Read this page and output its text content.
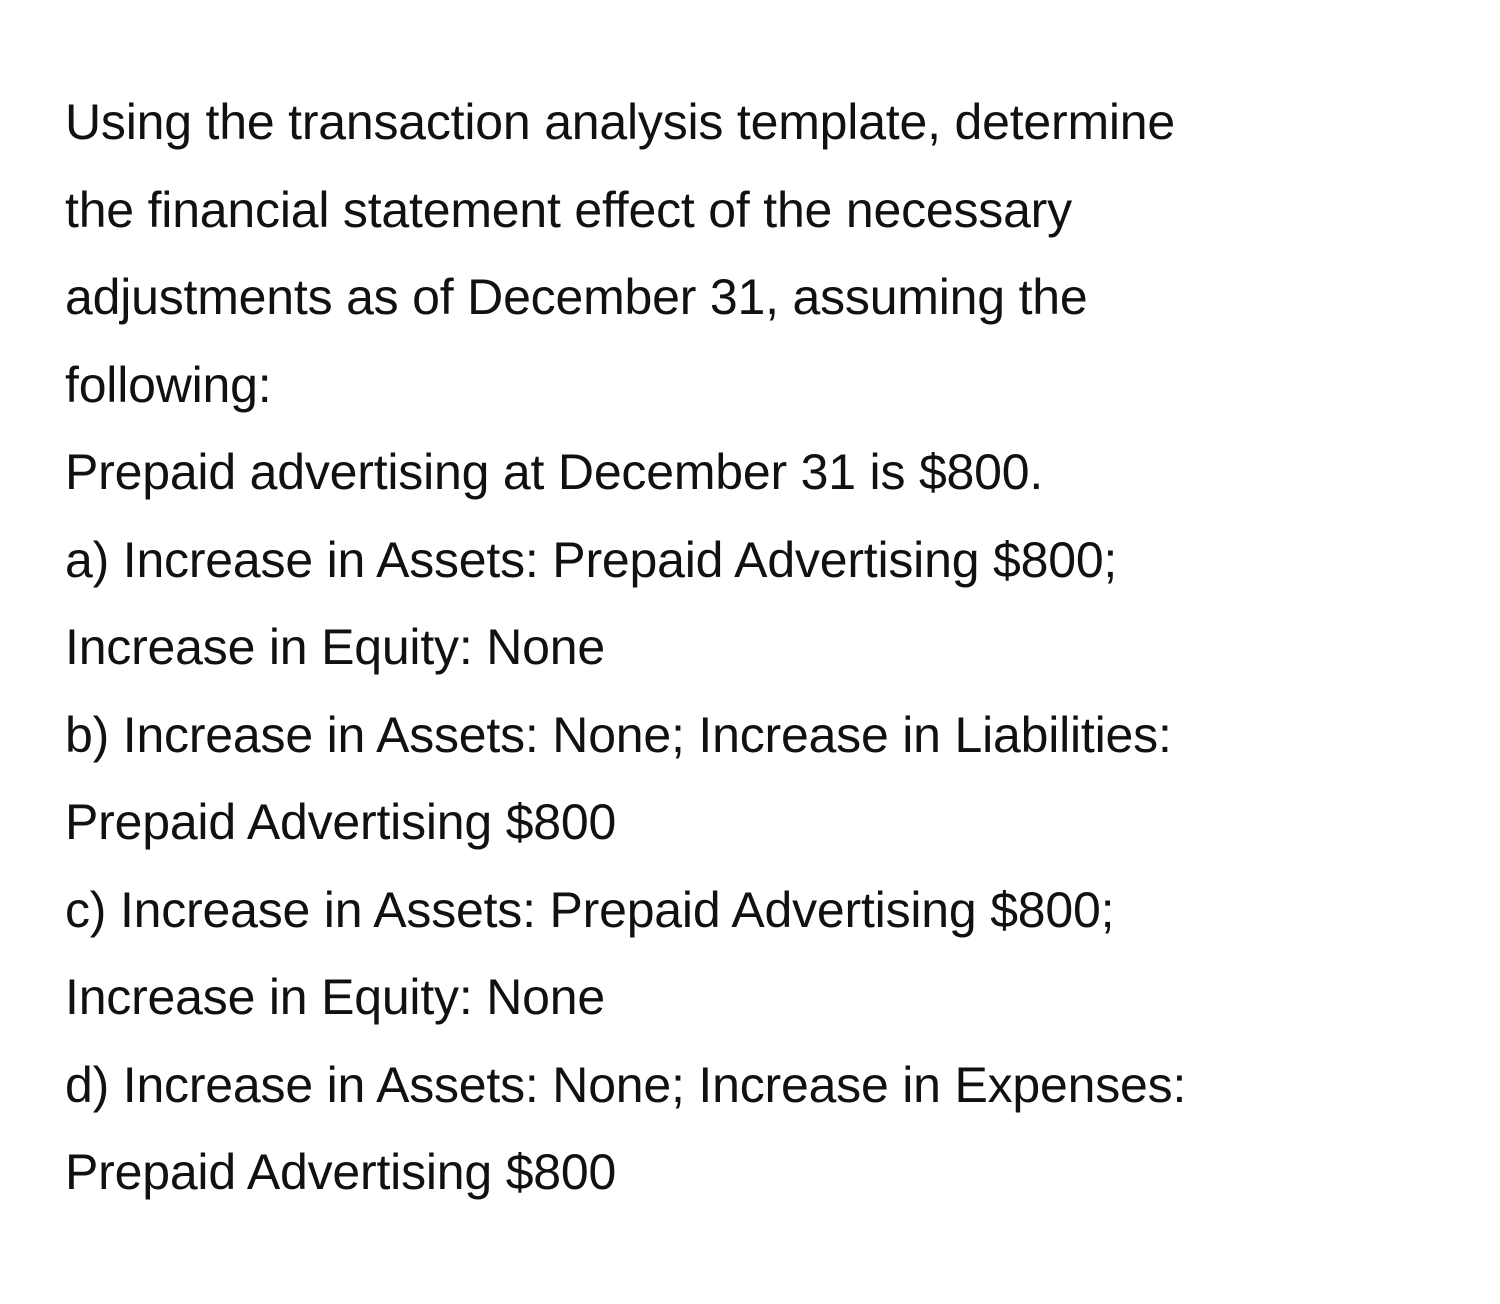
Using the transaction analysis template, determine
the financial statement effect of the necessary
adjustments as of December 31, assuming the
following:
Prepaid advertising at December 31 is $800.
a) Increase in Assets: Prepaid Advertising $800;
Increase in Equity: None
b) Increase in Assets: None; Increase in Liabilities:
Prepaid Advertising $800
c) Increase in Assets: Prepaid Advertising $800;
Increase in Equity: None
d) Increase in Assets: None; Increase in Expenses:
Prepaid Advertising $800
